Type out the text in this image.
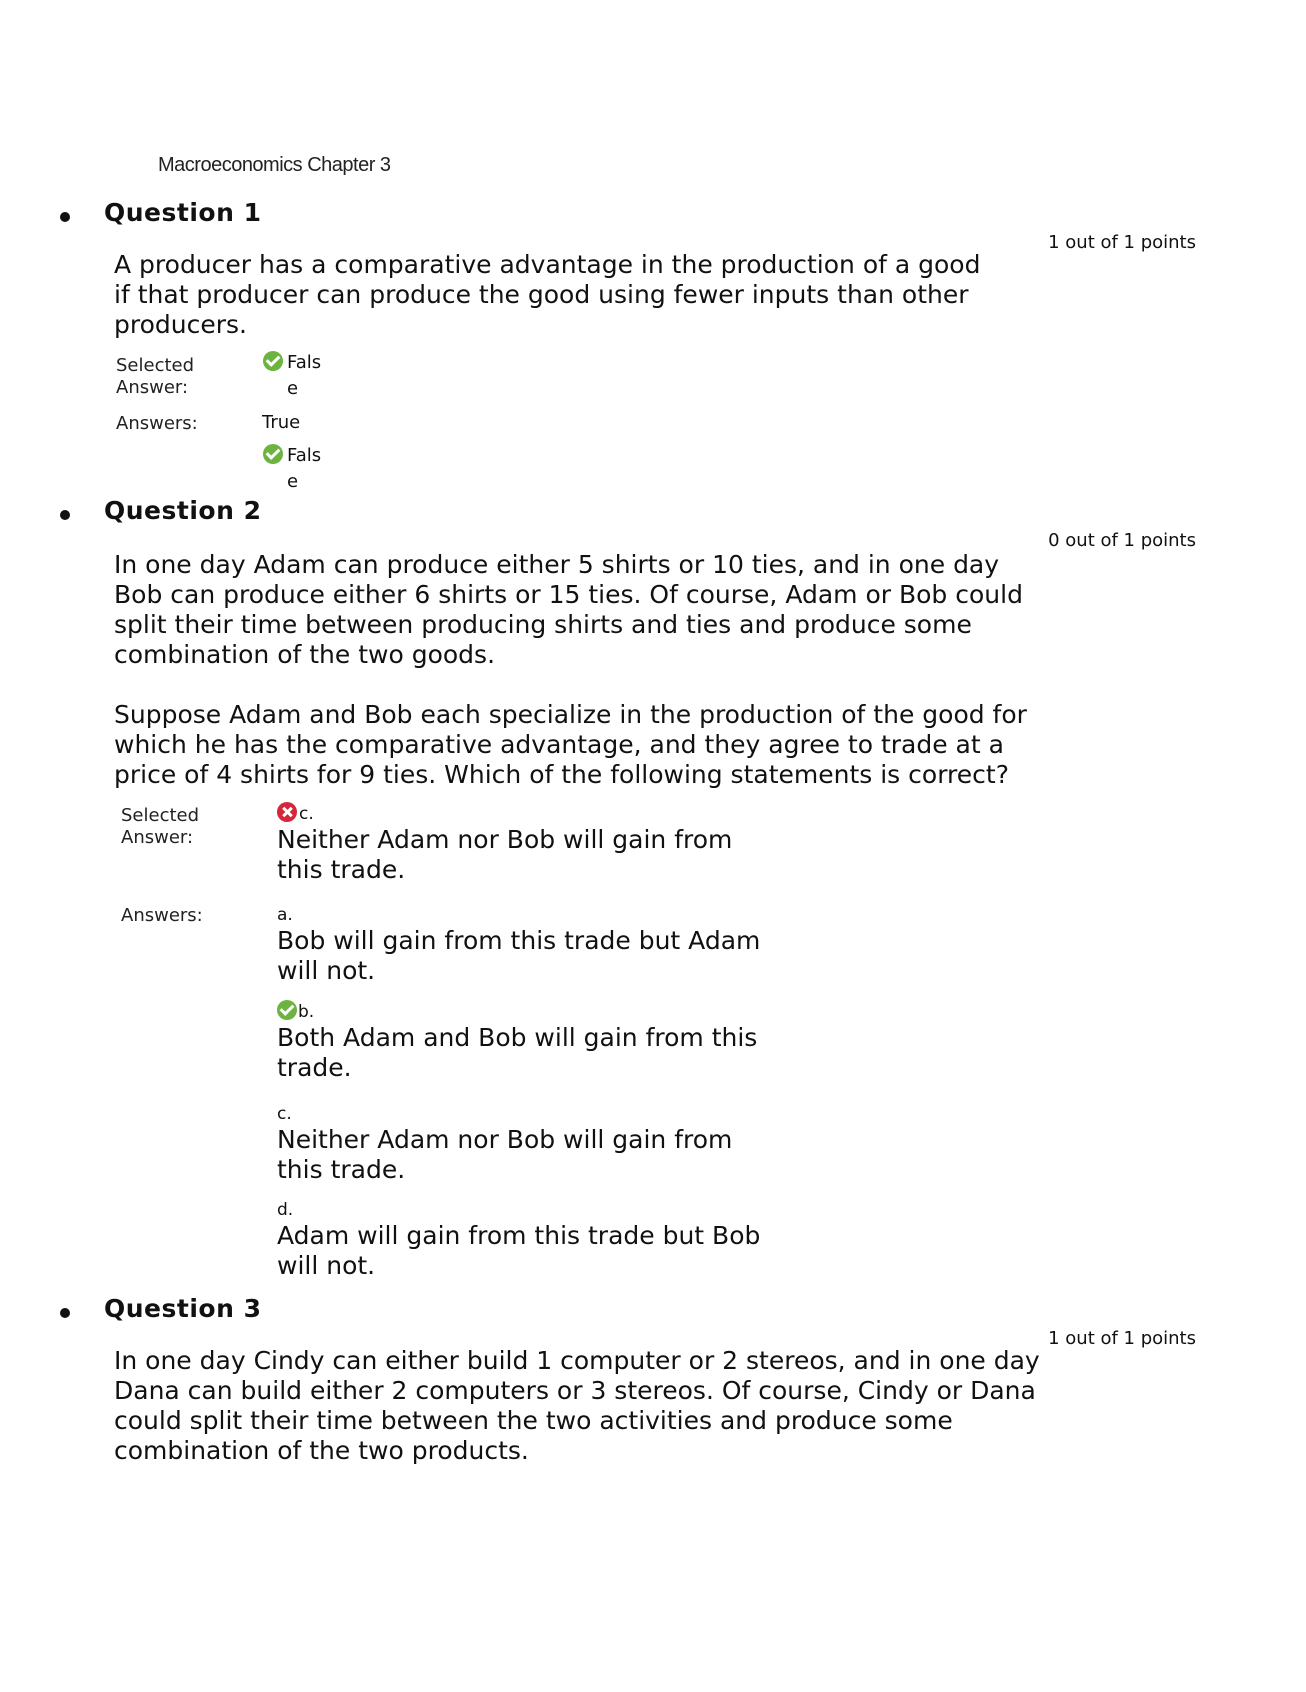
Macroeconomics Chapter 3
Question 1
1 out of 1 points
A producer has a comparative advantage in the production of a good if that producer can produce the good using fewer inputs than other producers.
Selected
Answer:
False
Answers:	True
False
Question 2
0 out of 1 points

In one day Adam can produce either 5 shirts or 10 ties, and in one day Bob can produce either 6 shirts or 15 ties. Of course, Adam or Bob could split their time between producing shirts and ties and produce some combination of the two goods.

Suppose Adam and Bob each specialize in the production of the good for which he has the comparative advantage, and they agree to trade at a price of 4 shirts for 9 ties. Which of the following statements is correct?

Selected
Answer:
c.
Neither Adam nor Bob will gain from this trade.
Answers:	a.
Bob will gain from this trade but Adam will not.
b.
Both Adam and Bob will gain from this trade.
c.
Neither Adam nor Bob will gain from this trade.
d.
Adam will gain from this trade but Bob will not.
Question 3
1 out of 1 points
In one day Cindy can either build 1 computer or 2 stereos, and in one day Dana can build either 2 computers or 3 stereos. Of course, Cindy or Dana could split their time between the two activities and produce some combination of the two products.
